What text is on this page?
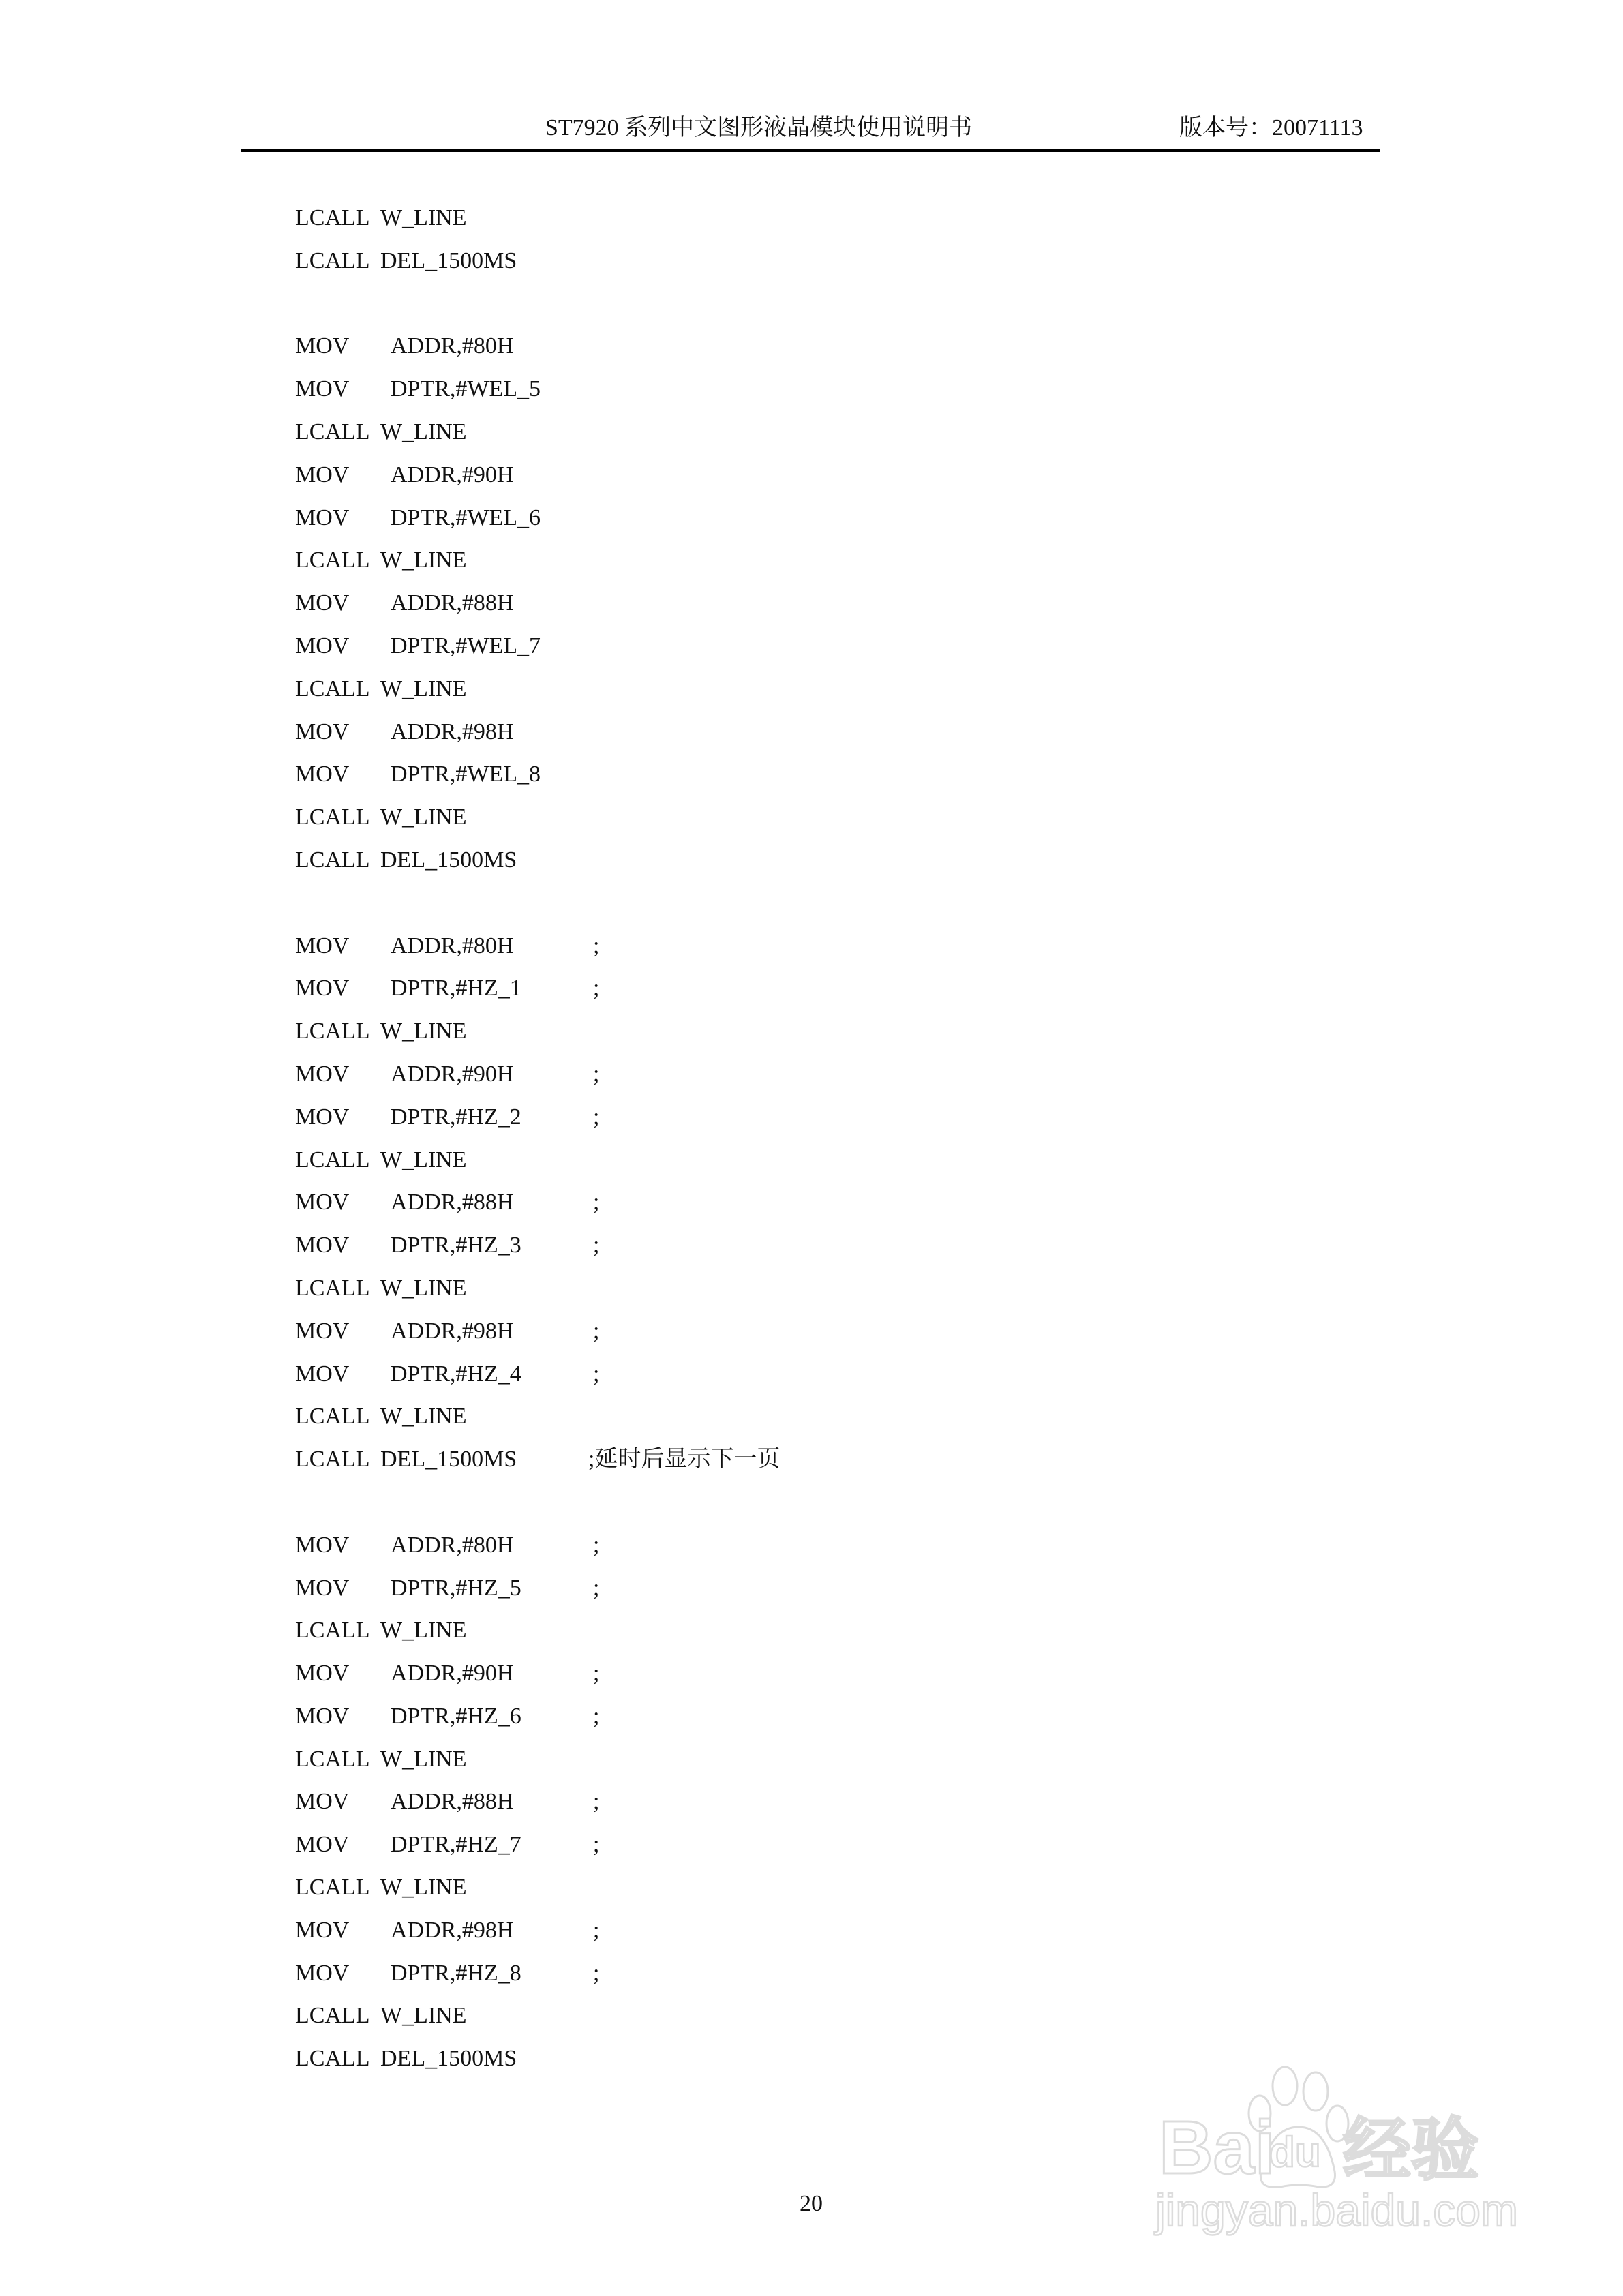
ST7920 系列中文图形液晶模块使用说明书	版本号：20071113
LCALL W_LINE
LCALL DEL_1500MS
MOV ADDR,#80H
MOV DPTR,#WEL_5
LCALL W_LINE
MOV ADDR,#90H
MOV DPTR,#WEL_6
LCALL W_LINE
MOV ADDR,#88H
MOV DPTR,#WEL_7
LCALL W_LINE
MOV ADDR,#98H
MOV DPTR,#WEL_8
LCALL W_LINE
LCALL DEL_1500MS
MOV ADDR,#80H	;
MOV DPTR,#HZ_1	;
LCALL W_LINE
MOV ADDR,#90H	;
MOV DPTR,#HZ_2	;
LCALL W_LINE
MOV ADDR,#88H	;
MOV DPTR,#HZ_3	;
LCALL W_LINE
MOV ADDR,#98H	;
MOV DPTR,#HZ_4	;
LCALL W_LINE
LCALL DEL_1500MS	;延时后显示下一页
MOV ADDR,#80H	;
MOV DPTR,#HZ_5	;
LCALL W_LINE
MOV ADDR,#90H	;
MOV DPTR,#HZ_6	;
LCALL W_LINE
MOV ADDR,#88H	;
MOV DPTR,#HZ_7	;
LCALL W_LINE
MOV ADDR,#98H	;
MOV DPTR,#HZ_8	;
LCALL W_LINE
LCALL DEL_1500MS
20
Bai
du 经验
jingyan.baidu.com
